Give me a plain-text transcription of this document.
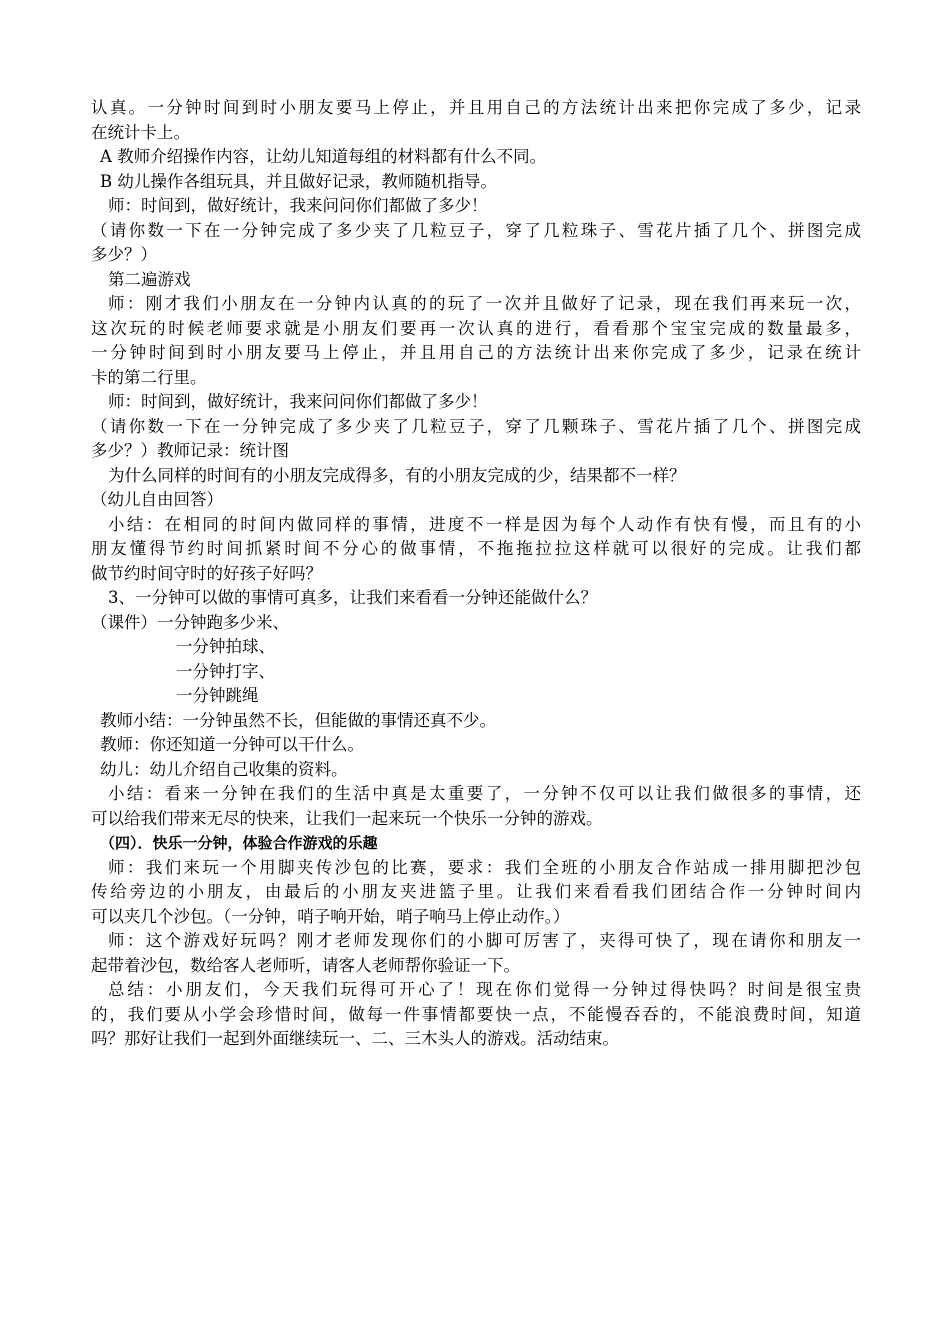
认真。一分钟时间到时小朋友要马上停止，并且用自己的方法统计出来把你完成了多少，记录
在统计卡上。
A 教师介绍操作内容，让幼儿知道每组的材料都有什么不同。
B 幼儿操作各组玩具，并且做好记录，教师随机指导。
师：时间到，做好统计，我来问问你们都做了多少！
（请你数一下在一分钟完成了多少夹了几粒豆子，穿了几粒珠子、雪花片插了几个、拼图完成
多少？）
第二遍游戏
师：刚才我们小朋友在一分钟内认真的的玩了一次并且做好了记录，现在我们再来玩一次，
这次玩的时候老师要求就是小朋友们要再一次认真的进行，看看那个宝宝完成的数量最多，
一分钟时间到时小朋友要马上停止，并且用自己的方法统计出来你完成了多少，记录在统计
卡的第二行里。
师：时间到，做好统计，我来问问你们都做了多少！
（请你数一下在一分钟完成了多少夹了几粒豆子，穿了几颗珠子、雪花片插了几个、拼图完成
多少？）教师记录：统计图
为什么同样的时间有的小朋友完成得多，有的小朋友完成的少，结果都不一样？
（幼儿自由回答）
小结：在相同的时间内做同样的事情，进度不一样是因为每个人动作有快有慢，而且有的小
朋友懂得节约时间抓紧时间不分心的做事情，不拖拖拉拉这样就可以很好的完成。让我们都
做节约时间守时的好孩子好吗？
3、一分钟可以做的事情可真多，让我们来看看一分钟还能做什么？
（课件）一分钟跑多少米、
一分钟拍球、
一分钟打字、
一分钟跳绳
教师小结：一分钟虽然不长，但能做的事情还真不少。
教师：你还知道一分钟可以干什么。
幼儿：幼儿介绍自己收集的资料。
小结：看来一分钟在我们的生活中真是太重要了，一分钟不仅可以让我们做很多的事情，还
可以给我们带来无尽的快来，让我们一起来玩一个快乐一分钟的游戏。
（四）．快乐一分钟，体验合作游戏的乐趣
师：我们来玩一个用脚夹传沙包的比赛，要求：我们全班的小朋友合作站成一排用脚把沙包
传给旁边的小朋友，由最后的小朋友夹进篮子里。让我们来看看我们团结合作一分钟时间内
可以夹几个沙包。（一分钟，哨子响开始，哨子响马上停止动作。）
师：这个游戏好玩吗？刚才老师发现你们的小脚可厉害了，夹得可快了，现在请你和朋友一
起带着沙包，数给客人老师听，请客人老师帮你验证一下。
总结：小朋友们，今天我们玩得可开心了！现在你们觉得一分钟过得快吗？时间是很宝贵
的，我们要从小学会珍惜时间，做每一件事情都要快一点，不能慢吞吞的，不能浪费时间，知道
吗？那好让我们一起到外面继续玩一、二、三木头人的游戏。活动结束。
